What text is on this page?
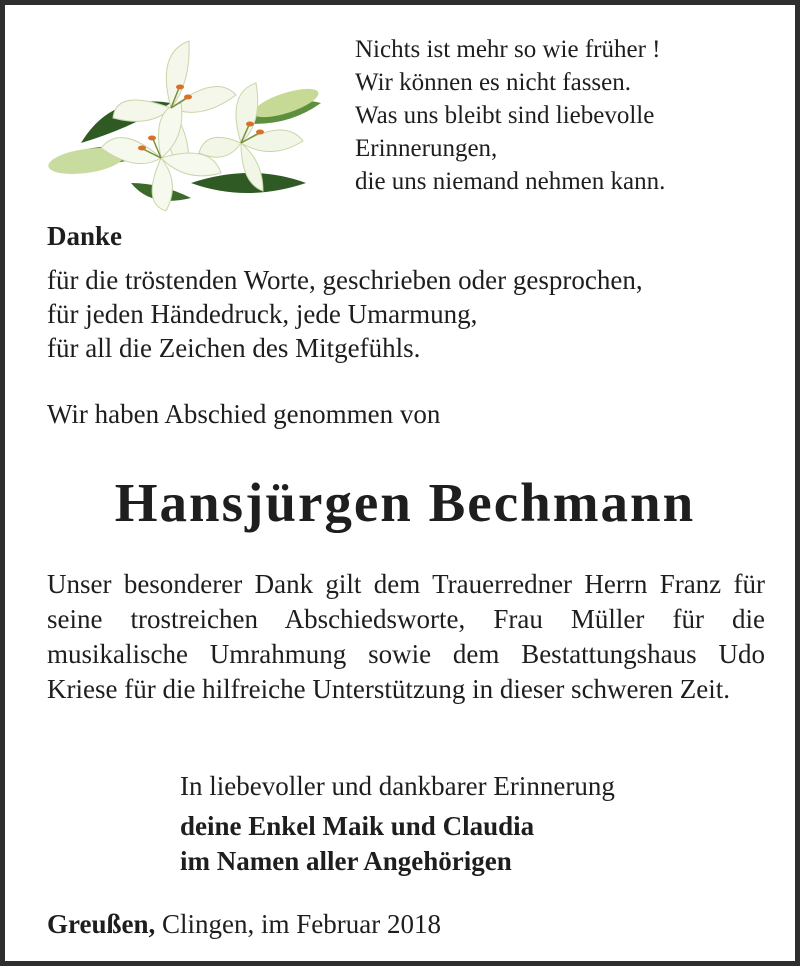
Nichts ist mehr so wie früher !
Wir können es nicht fassen.
Was uns bleibt sind liebevolle
Erinnerungen,
die uns niemand nehmen kann.
Danke
für die tröstenden Worte, geschrieben oder gesprochen,
für jeden Händedruck, jede Umarmung,
für all die Zeichen des Mitgefühls.
Wir haben Abschied genommen von
Hansjürgen Bechmann
Unser besonderer Dank gilt dem Trauerredner Herrn Franz für seine trostreichen Abschiedsworte, Frau Müller für die musikalische Umrahmung sowie dem Bestattungshaus Udo Kriese für die hilfreiche Unterstützung in dieser schweren Zeit.
In liebevoller und dankbarer Erinnerung
deine Enkel Maik und Claudia
im Namen aller Angehörigen
Greußen, Clingen, im Februar 2018
